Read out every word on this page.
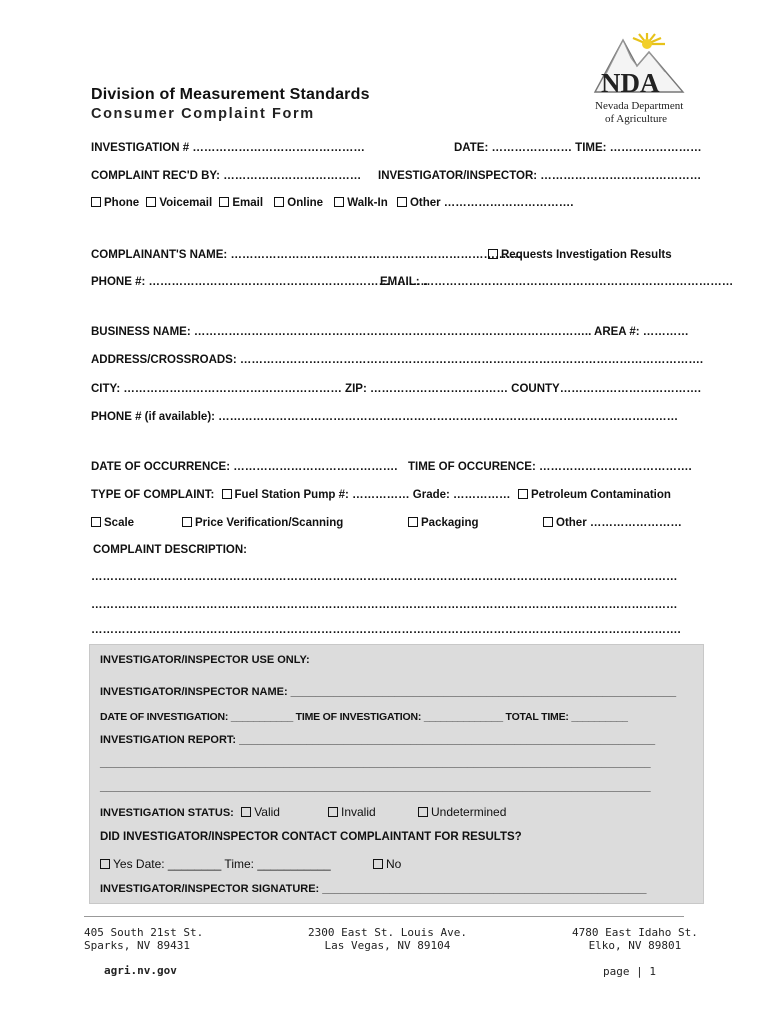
Division of Measurement Standards
Consumer Complaint Form
NDA
Nevada Department
of Agriculture
INVESTIGATION # ………………………………………	DATE: ………………… TIME: ……………………
COMPLAINT REC'D BY: ……………………………… INVESTIGATOR/INSPECTOR: ……………………………………
Phone Voicemail Email Online Walk-In Other …………………………….
COMPLAINANT'S NAME: ………………………………………………………………….
Requests Investigation Results
PHONE #: ……………………………………………………………….
EMAIL: ………………………………………………………………………
BUSINESS NAME: ………………………………………………………………………………………….. AREA #: …………
ADDRESS/CROSSROADS: ………………………………………………………………………………………………………….
CITY: ………………………………………………… ZIP: ……………………………… COUNTY……………………………….
PHONE # (if available): …………………………………………………………………………………………………………
DATE OF OCCURRENCE: ……………………………………. TIME OF OCCURENCE: ………………………………….
TYPE OF COMPLAINT: Fuel Station Pump #: …………… Grade: ……………	Petroleum Contamination
Scale	Price Verification/Scanning	Packaging	Other ……………………
COMPLAINT DESCRIPTION:
………………………………………………………………………………………………………………………………………
………………………………………………………………………………………………………………………………………
……………………………………………………………………………………………………………………………………….
INVESTIGATOR/INSPECTOR USE ONLY:
INVESTIGATOR/INSPECTOR NAME: _______________________________________________________________
DATE OF INVESTIGATION: ___________ TIME OF INVESTIGATION: ______________ TOTAL TIME: __________
INVESTIGATION REPORT: ____________________________________________________________________
__________________________________________________________________________________________
__________________________________________________________________________________________
INVESTIGATION STATUS: Valid	Invalid	Undetermined
DID INVESTIGATOR/INSPECTOR CONTACT COMPLAINTANT FOR RESULTS?
Yes Date: ________ Time: ___________	No
INVESTIGATOR/INSPECTOR SIGNATURE: _____________________________________________________
405 South 21st St.
Sparks, NV 89431
2300 East St. Louis Ave.
Las Vegas, NV 89104
4780 East Idaho St.
Elko, NV 89801
agri.nv.gov	page | 1
